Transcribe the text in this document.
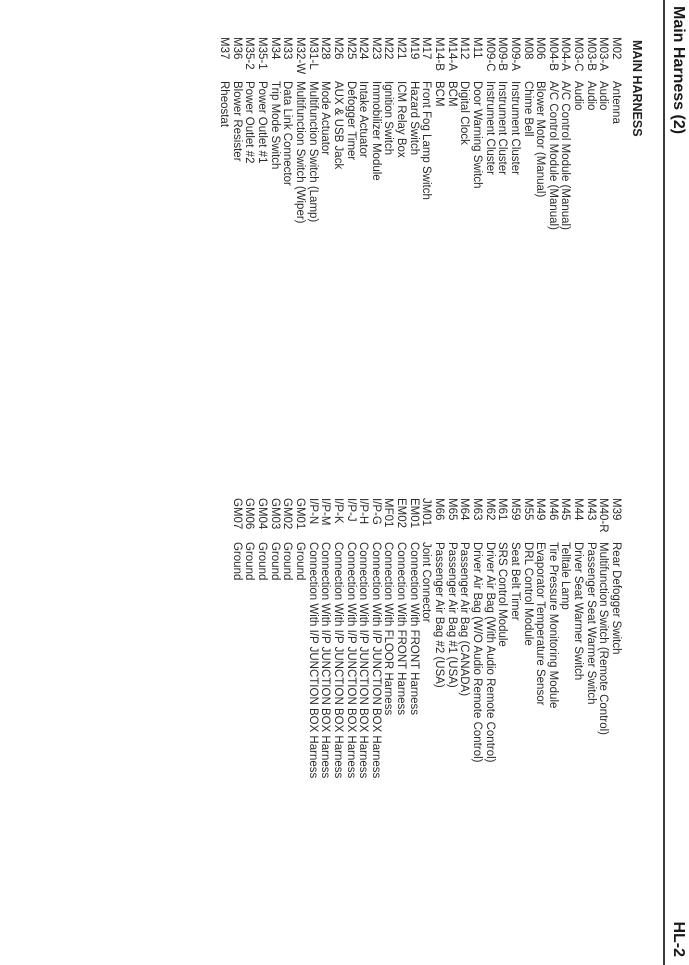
Main Harness (2)
HL-2
MAIN HARNESS
M02
Antenna
M03-A
Audio
M03-B
Audio
M03-C
Audio
M04-A
A/C Control Module (Manual)
M04-B
A/C Control Module (Manual)
M06
Blower Motor (Manual)
M08
Chime Bell
M09-A
Instrument Cluster
M09-B
Instrument Cluster
M09-C
Instrument Cluster
M11
Door Warning Switch
M12
Digital Clock
M14-A
BCM
M14-B
BCM
M17
Front Fog Lamp Switch
M19
Hazard Switch
M21
ICM Relay Box
M22
Ignition Switch
M23
Immobilizer Module
M24
Intake Actuator
M25
Defogger Timer
M26
AUX & USB Jack
M28
Mode Actuator
M31-L
Multifunction Switch (Lamp)
M32-W
Multifunction Switch (Wiper)
M33
Data Link Connector
M34
Trip Mode Switch
M35-1
Power Outlet #1
M35-2
Power Outlet #2
M36
Blower Resister
M37
Rheostat
M39
Rear Defogger Switch
M40-R
Multifunction Switch (Remote Control)
M43
Passenger Seat Warmer Switch
M44
Driver Seat Warmer Switch
M45
Telltale Lamp
M46
Tire Pressure Monitoring Module
M49
Evaporator Temperature Sensor
M55
DRL Control Module
M59
Seat Belt Timer
M61
SRS Control Module
M62
Driver Air Bag (With Audio Remote Control)
M63
Driver Air Bag (W/O Audio Remote Control)
M64
Passenger Air Bag (CANADA)
M65
Passenger Air Bag #1 (USA)
M66
Passenger Air Bag #2 (USA)
JM01
Joint Connector
EM01
Connection With FRONT Harness
EM02
Connection With FRONT Harness
MF01
Connection With FLOOR Harness
I/P-G
Connection With I/P JUNCTION BOX Harness
I/P-H
Connection With I/P JUNCTION BOX Harness
I/P-J
Connection With I/P JUNCTION BOX Harness
I/P-K
Connection With I/P JUNCTION BOX Harness
I/P-M
Connection With I/P JUNCTION BOX Harness
I/P-N
Connection With I/P JUNCTION BOX Harness
GM01
Ground
GM02
Ground
GM03
Ground
GM04
Ground
GM06
Ground
GM07
Ground
